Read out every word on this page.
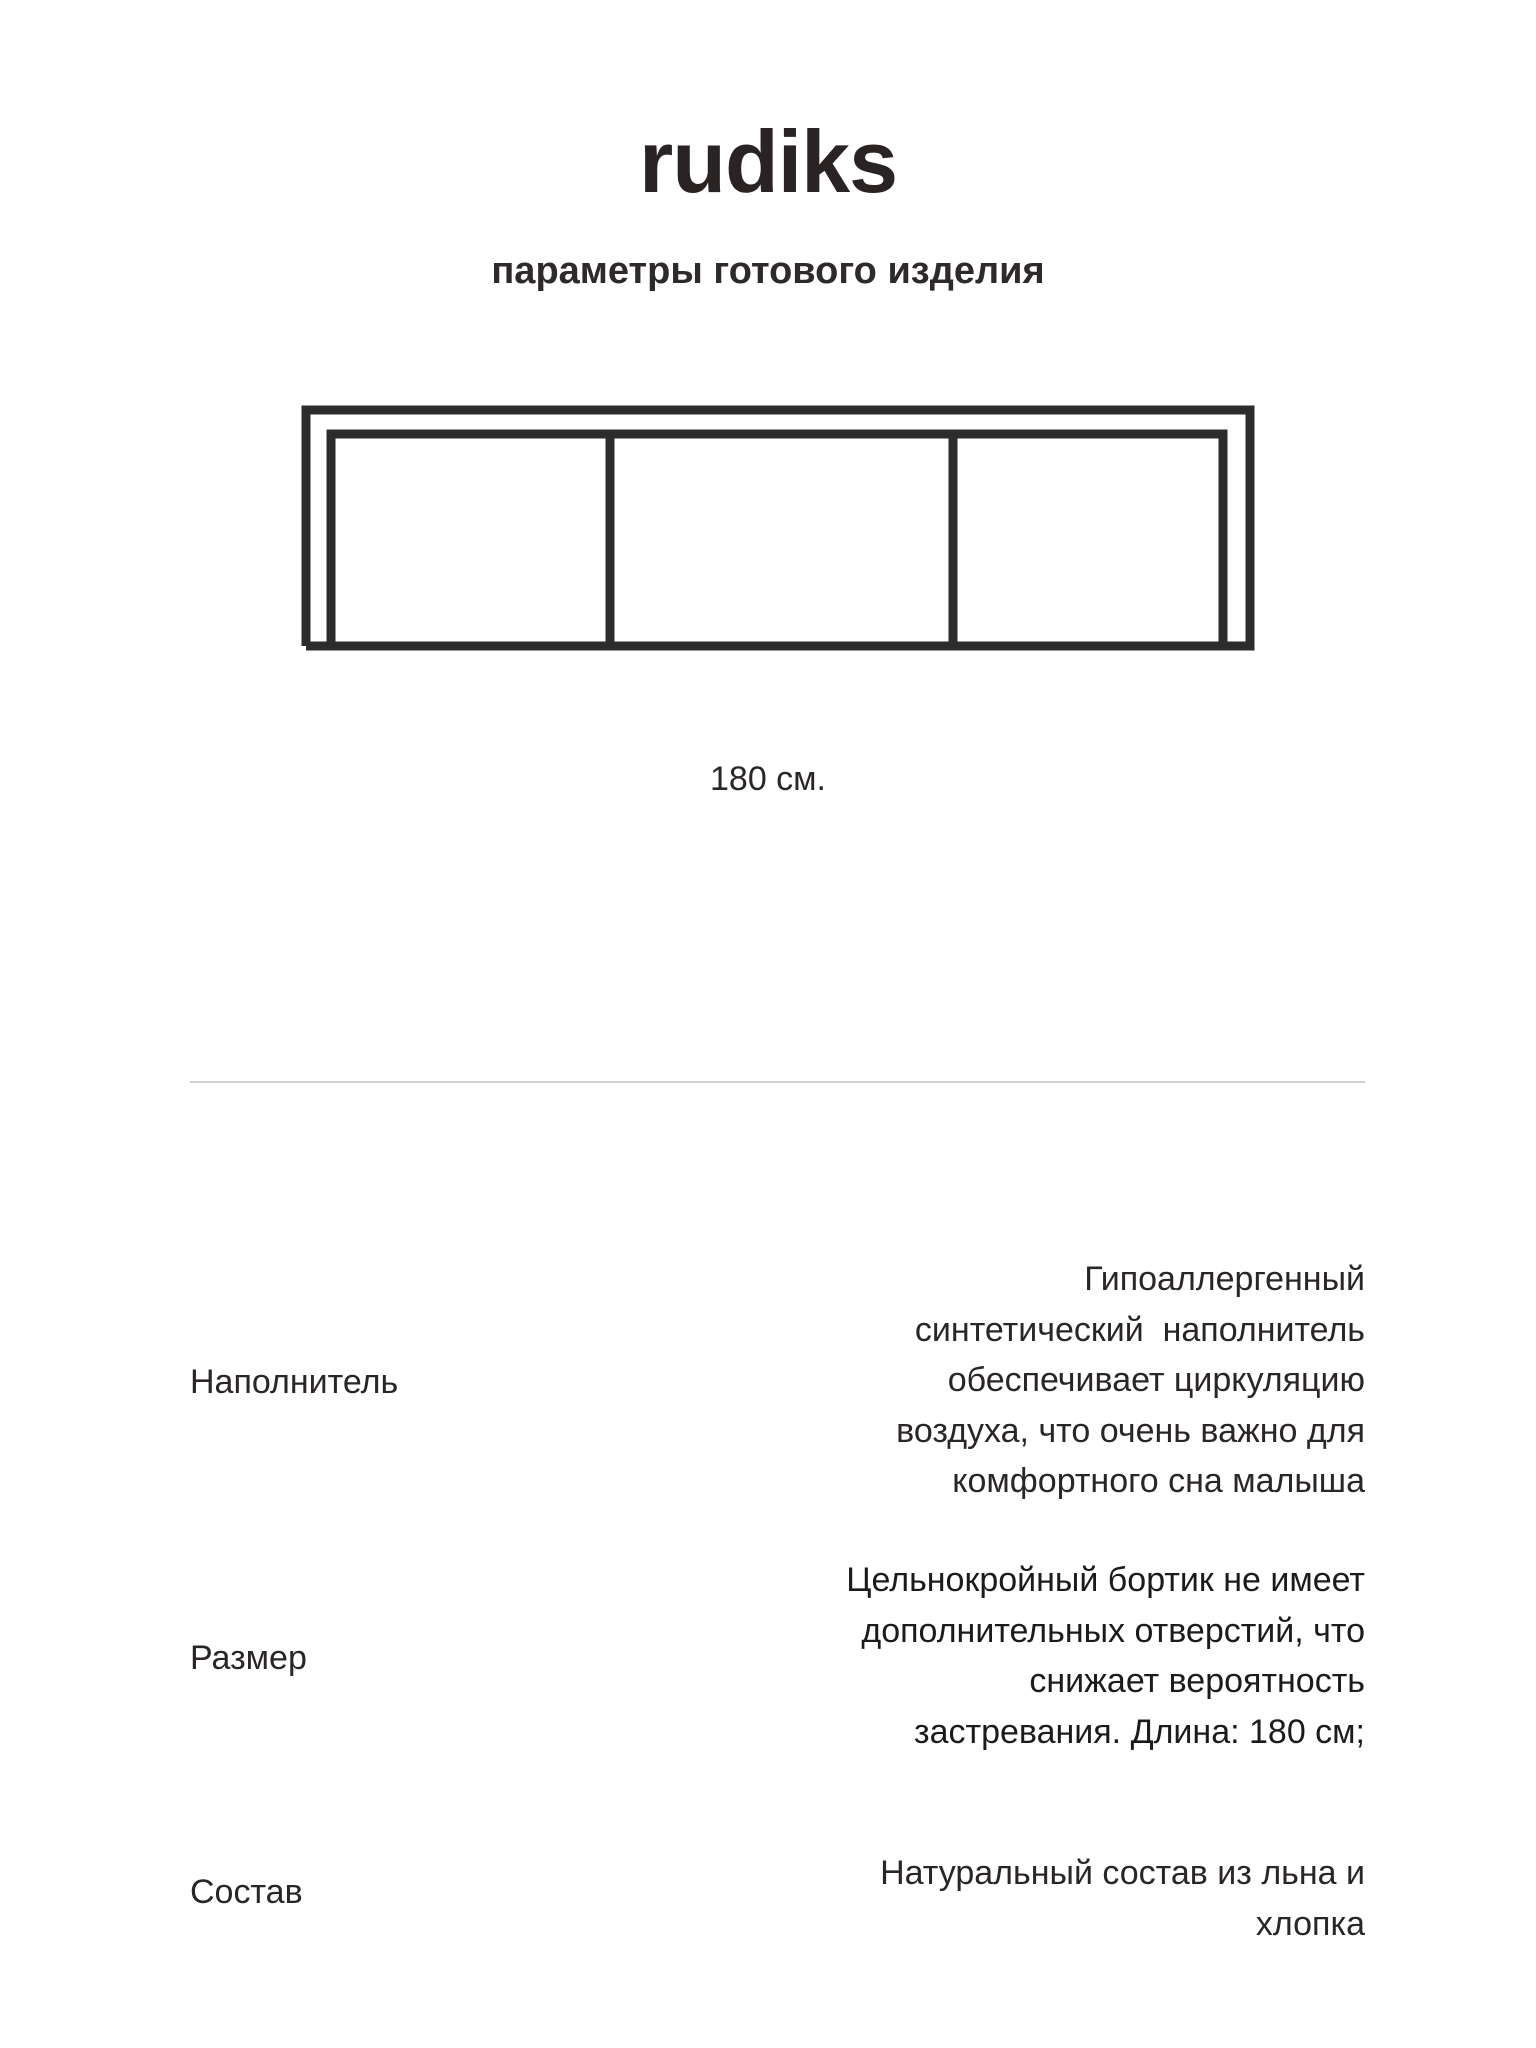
rudiks
параметры готового изделия
180 см.
Наполнитель
Гипоаллергенный
синтетический  наполнитель
обеспечивает циркуляцию
воздуха, что очень важно для
комфортного сна малыша
Размер
Цельнокройный бортик не имеет
дополнительных отверстий, что
снижает вероятность
застревания. Длина: 180 см;
Состав	Натуральный состав из льна и
хлопка
